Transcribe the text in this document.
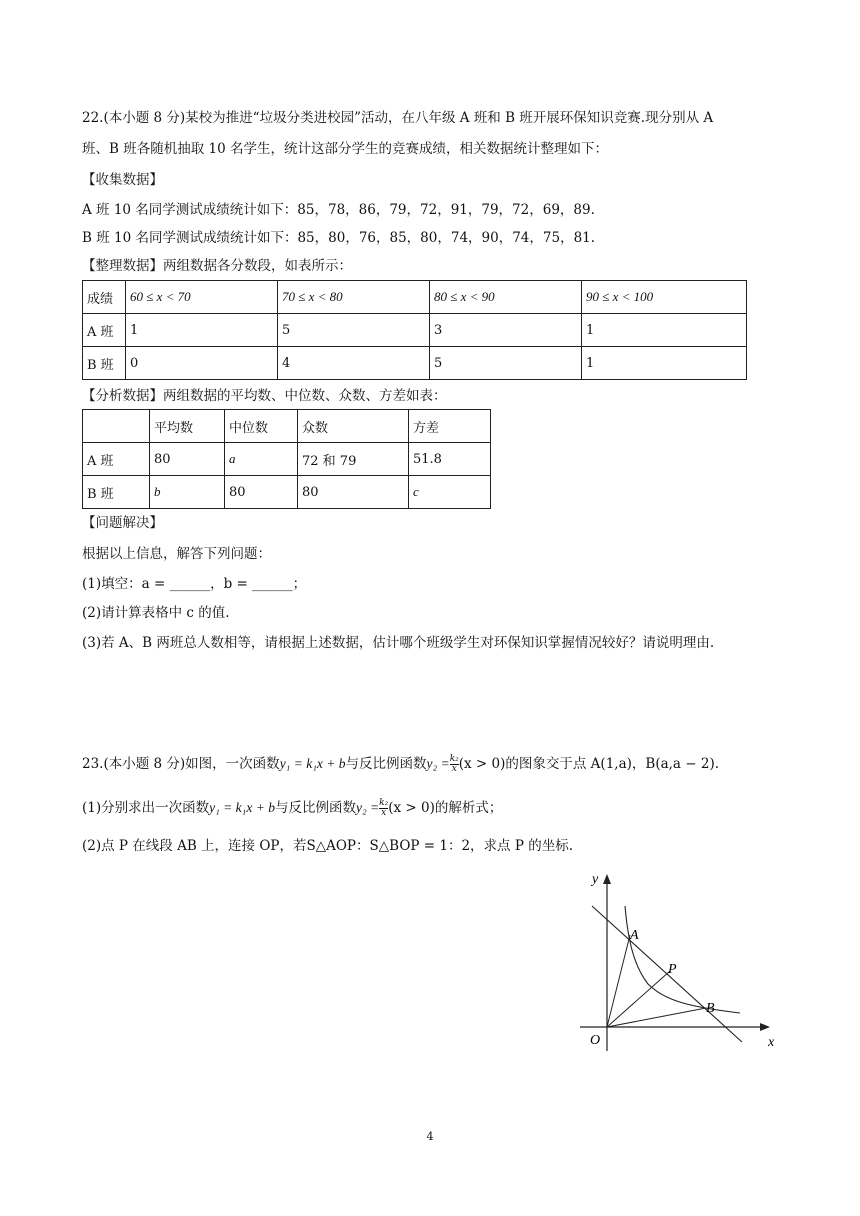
22.(本小题 8 分)某校为推进“垃圾分类进校园”活动，在八年级 A 班和 B 班开展环保知识竞赛.现分别从 A
班、B 班各随机抽取 10 名学生，统计这部分学生的竞赛成绩，相关数据统计整理如下：
【收集数据】
A 班 10 名同学测试成绩统计如下：85，78，86，79，72，91，79，72，69，89.
B 班 10 名同学测试成绩统计如下：85，80，76，85，80，74，90，74，75，81.
【整理数据】两组数据各分数段，如表所示：
成绩	60 ≤ x < 70	70 ≤ x < 80	80 ≤ x < 90	90 ≤ x < 100
A 班	1	5	3	1
B 班	0	4	5	1
【分析数据】两组数据的平均数、中位数、众数、方差如表：
	平均数	中位数	众数	方差
A 班	80	a	72 和 79	51.8
B 班	b	80	80	c
【问题解决】
根据以上信息，解答下列问题：
(1)填空：a = ______，b = ______；
(2)请计算表格中 c 的值.
(3)若 A、B 两班总人数相等，请根据上述数据，估计哪个班级学生对环保知识掌握情况较好？请说明理由.
23.(本小题 8 分)如图，一次函数y₁ = k₁x + b与反比例函数$y_2 = \frac{\text{k₂}}{x} (x > 0)$的图象交于点 A(1,a)，B(a,a − 2).
(1)分别求出一次函数y₁ = k₁x + b与反比例函数$y_2 = \frac{\text{k₂}}{x} (x > 0)$的解析式；
(2)点 P 在线段 AB 上，连接 OP，若S△AOP：S△BOP = 1：2，求点 P 的坐标.
y
x
O
A
P
B
4
